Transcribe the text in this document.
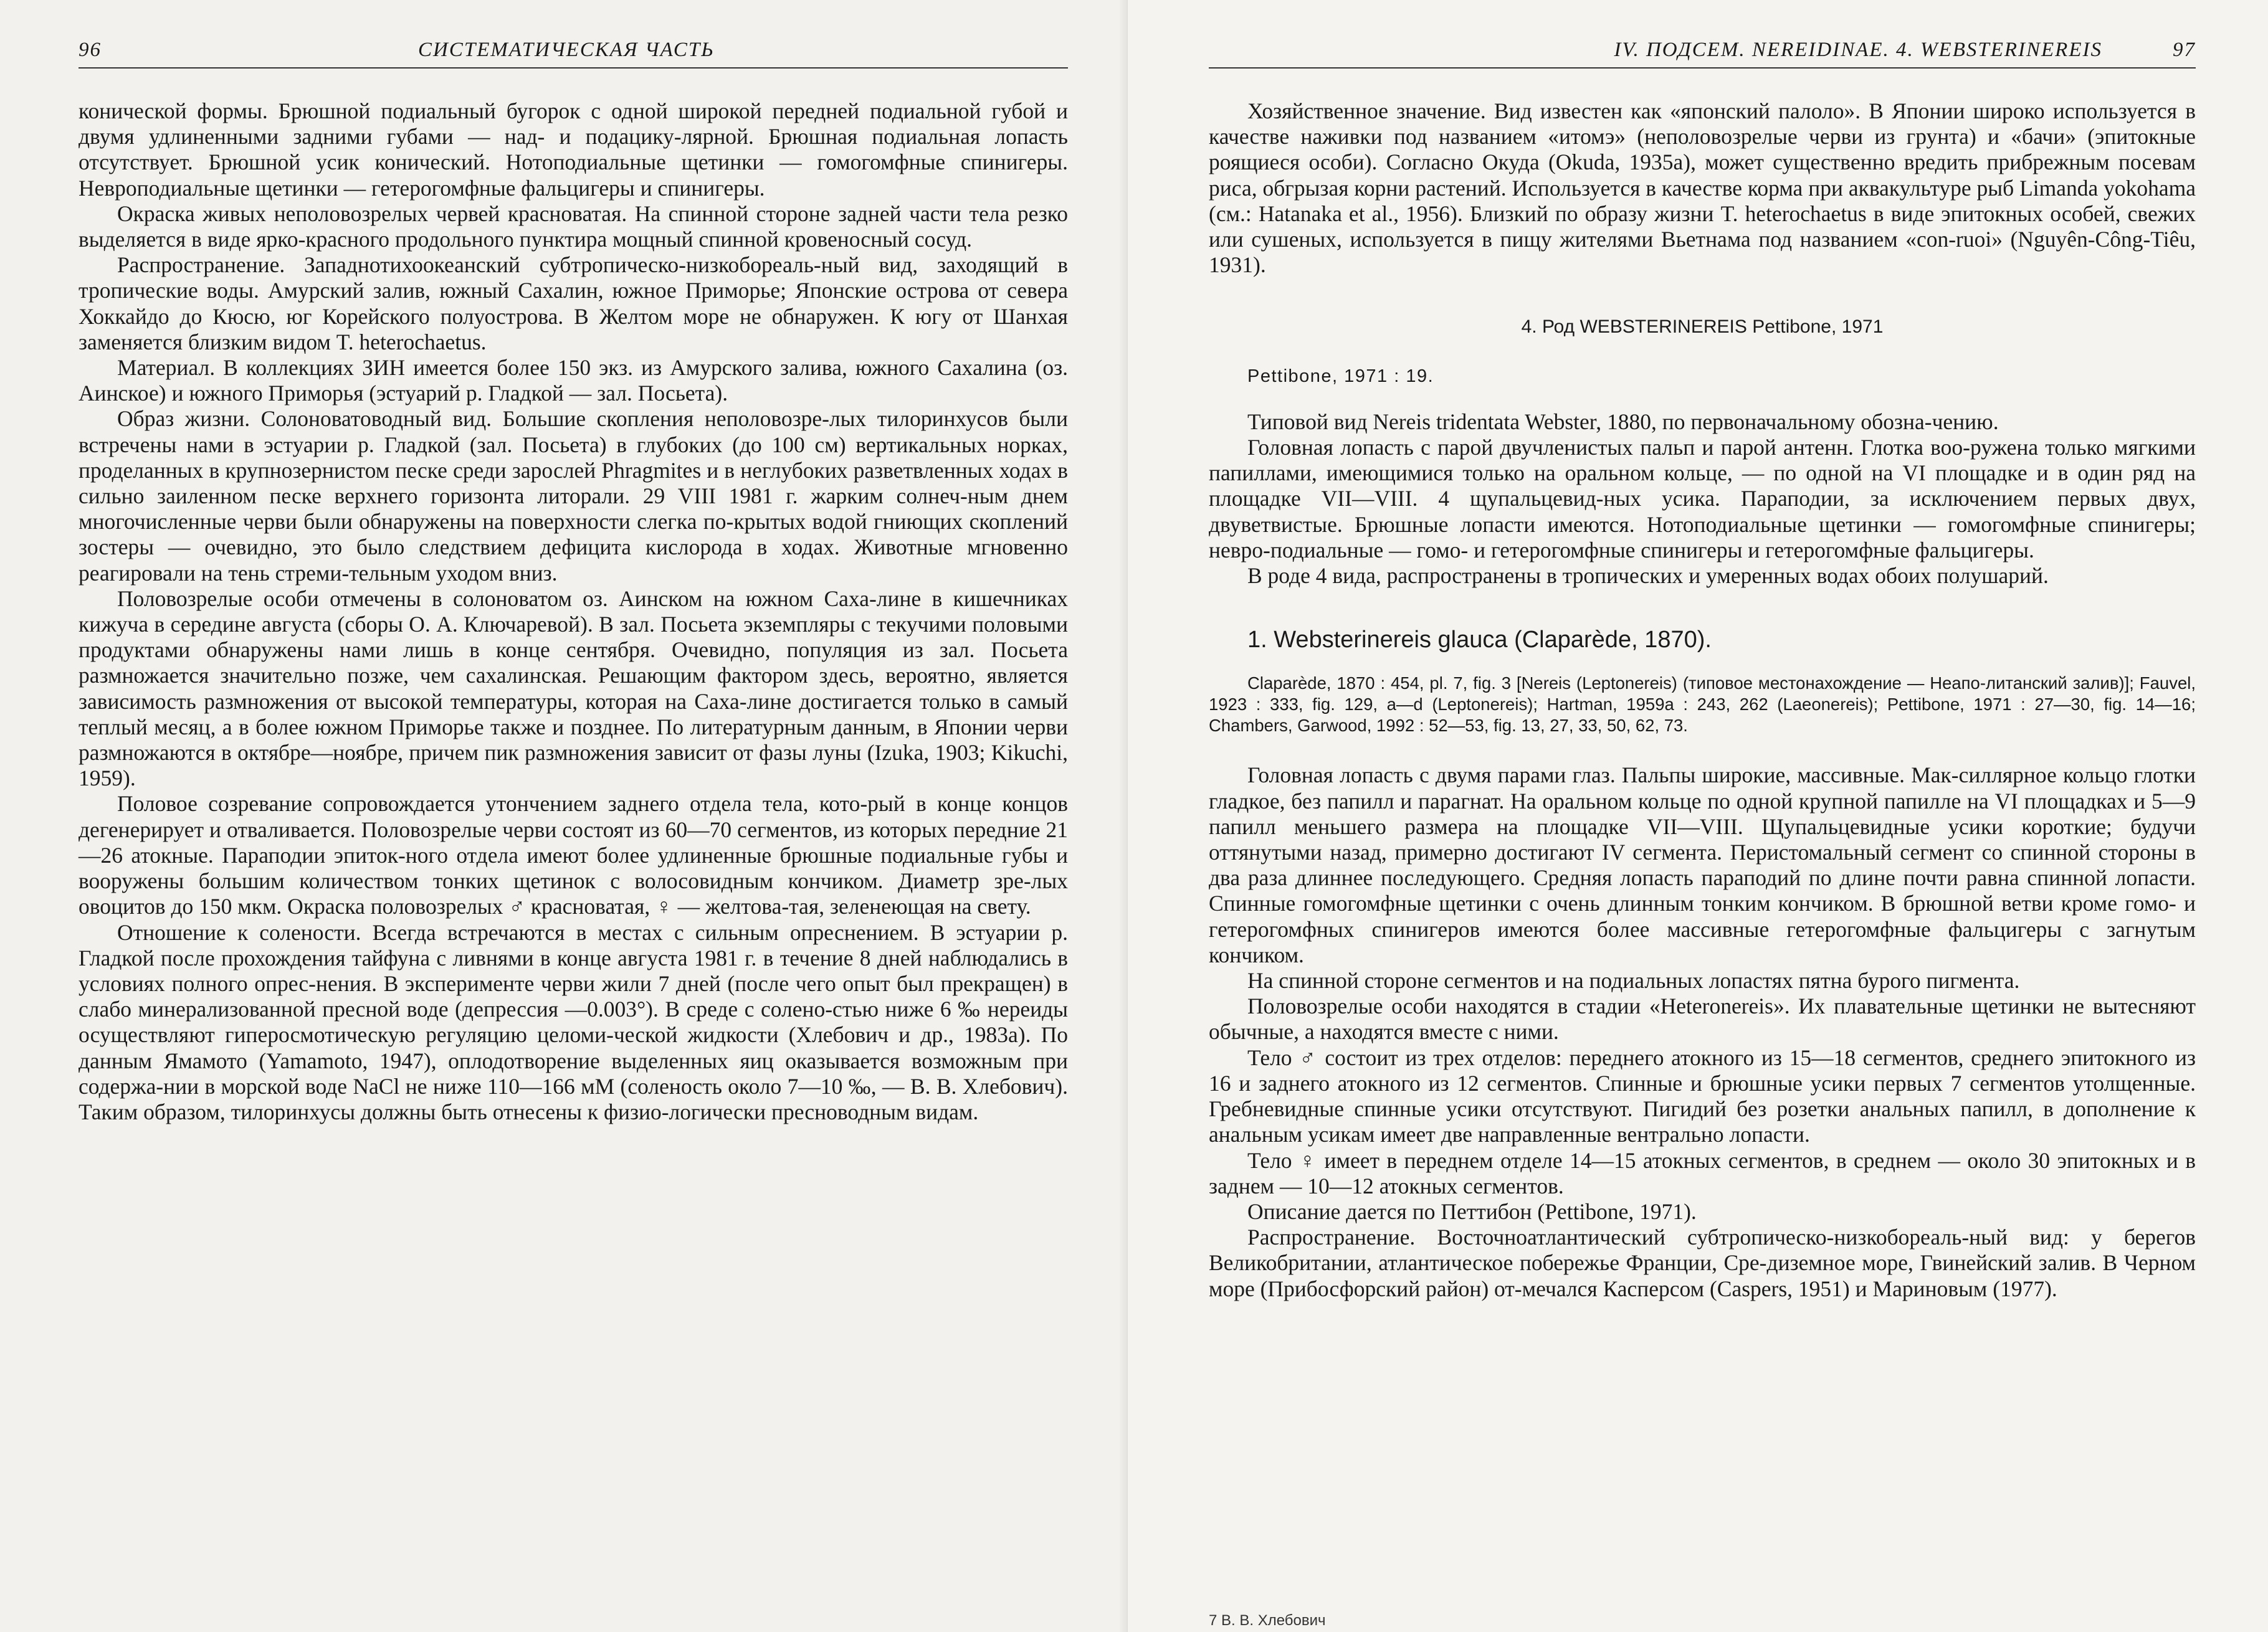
96	СИСТЕМАТИЧЕСКАЯ ЧАСТЬ

конической формы. Брюшной подиальный бугорок с одной широкой передней подиальной губой и двумя удлиненными задними губами — над- и подацику-лярной. Брюшная подиальная лопасть отсутствует. Брюшной усик конический. Нотоподиальные щетинки — гомогомфные спинигеры. Невроподиальные щетинки — гетерогомфные фальцигеры и спинигеры.

Окраска живых неполовозрелых червей красноватая. На спинной стороне задней части тела резко выделяется в виде ярко-красного продольного пунктира мощный спинной кровеносный сосуд.

Распространение. Западнотихоокеанский субтропическо-низкобореаль-ный вид, заходящий в тропические воды. Амурский залив, южный Сахалин, южное Приморье; Японские острова от севера Хоккайдо до Кюсю, юг Корейского полуострова. В Желтом море не обнаружен. К югу от Шанхая заменяется близким видом T. heterochaetus.

Материал. В коллекциях ЗИН имеется более 150 экз. из Амурского залива, южного Сахалина (оз. Аинское) и южного Приморья (эстуарий р. Гладкой — зал. Посьета).

Образ жизни. Солоноватоводный вид. Большие скопления неполовозре-лых тилоринхусов были встречены нами в эстуарии р. Гладкой (зал. Посьета) в глубоких (до 100 см) вертикальных норках, проделанных в крупнозернистом песке среди зарослей Phragmites и в неглубоких разветвленных ходах в сильно заиленном песке верхнего горизонта литорали. 29 VIII 1981 г. жарким солнеч-ным днем многочисленные черви были обнаружены на поверхности слегка по-крытых водой гниющих скоплений зостеры — очевидно, это было следствием дефицита кислорода в ходах. Животные мгновенно реагировали на тень стреми-тельным уходом вниз.

Половозрелые особи отмечены в солоноватом оз. Аинском на южном Саха-лине в кишечниках кижуча в середине августа (сборы О. А. Ключаревой). В зал. Посьета экземпляры с текучими половыми продуктами обнаружены нами лишь в конце сентября. Очевидно, популяция из зал. Посьета размножается значительно позже, чем сахалинская. Решающим фактором здесь, вероятно, является зависимость размножения от высокой температуры, которая на Саха-лине достигается только в самый теплый месяц, а в более южном Приморье также и позднее. По литературным данным, в Японии черви размножаются в октябре—ноябре, причем пик размножения зависит от фазы луны (Izuka, 1903; Kikuchi, 1959).

Половое созревание сопровождается утончением заднего отдела тела, кото-рый в конце концов дегенерирует и отваливается. Половозрелые черви состоят из 60—70 сегментов, из которых передние 21—26 атокные. Параподии эпиток-ного отдела имеют более удлиненные брюшные подиальные губы и вооружены большим количеством тонких щетинок с волосовидным кончиком. Диаметр зре-лых овоцитов до 150 мкм. Окраска половозрелых ♂ красноватая, ♀ — желтова-тая, зеленеющая на свету.

Отношение к солености. Всегда встречаются в местах с сильным опреснением. В эстуарии р. Гладкой после прохождения тайфуна с ливнями в конце августа 1981 г. в течение 8 дней наблюдались в условиях полного опрес-нения. В эксперименте черви жили 7 дней (после чего опыт был прекращен) в слабо минерализованной пресной воде (депрессия —0.003°). В среде с солено-стью ниже 6 ‰ нереиды осуществляют гиперосмотическую регуляцию целоми-ческой жидкости (Хлебович и др., 1983а). По данным Ямамото (Yamamoto, 1947), оплодотворение выделенных яиц оказывается возможным при содержа-нии в морской воде NaCl не ниже 110—166 мМ (соленость около 7—10 ‰, — В. В. Хлебович). Таким образом, тилоринхусы должны быть отнесены к физио-логически пресноводным видам.

IV. ПОДСЕМ. NEREIDINAE. 4. WEBSTERINEREIS	97

Хозяйственное значение. Вид известен как «японский палоло». В Японии широко используется в качестве наживки под названием «итомэ» (неполовозрелые черви из грунта) и «бачи» (эпитокные роящиеся особи). Согласно Окуда (Okuda, 1935a), может существенно вредить прибрежным посевам риса, обгрызая корни растений. Используется в качестве корма при аквакультуре рыб Limanda yokohama (см.: Hatanaka et al., 1956). Близкий по образу жизни T. heterochaetus в виде эпитокных особей, свежих или сушеных, используется в пищу жителями Вьетнама под названием «con-ruoi» (Nguyên-Công-Tiêu, 1931).

4. Род WEBSTERINEREIS Pettibone, 1971

Pettibone, 1971 : 19.

Типовой вид Nereis tridentata Webster, 1880, по первоначальному обозна-чению.

Головная лопасть с парой двучленистых пальп и парой антенн. Глотка воо-ружена только мягкими папиллами, имеющимися только на оральном кольце, — по одной на VI площадке и в один ряд на площадке VII—VIII. 4 щупальцевид-ных усика. Параподии, за исключением первых двух, двуветвистые. Брюшные лопасти имеются. Нотоподиальные щетинки — гомогомфные спинигеры; невро-подиальные — гомо- и гетерогомфные спинигеры и гетерогомфные фальцигеры.

В роде 4 вида, распространены в тропических и умеренных водах обоих полушарий.

1. Websterinereis glauca (Claparède, 1870).

Claparède, 1870 : 454, pl. 7, fig. 3 [Nereis (Leptonereis) (типовое местонахождение — Неапо-литанский залив)]; Fauvel, 1923 : 333, fig. 129, a—d (Leptonereis); Hartman, 1959a : 243, 262 (Laeonereis); Pettibone, 1971 : 27—30, fig. 14—16; Chambers, Garwood, 1992 : 52—53, fig. 13, 27, 33, 50, 62, 73.

Головная лопасть с двумя парами глаз. Пальпы широкие, массивные. Мак-силлярное кольцо глотки гладкое, без папилл и парагнат. На оральном кольце по одной крупной папилле на VI площадках и 5—9 папилл меньшего размера на площадке VII—VIII. Щупальцевидные усики короткие; будучи оттянутыми назад, примерно достигают IV сегмента. Перистомальный сегмент со спинной стороны в два раза длиннее последующего. Средняя лопасть параподий по длине почти равна спинной лопасти. Спинные гомогомфные щетинки с очень длинным тонким кончиком. В брюшной ветви кроме гомо- и гетерогомфных спинигеров имеются более массивные гетерогомфные фальцигеры с загнутым кончиком.

На спинной стороне сегментов и на подиальных лопастях пятна бурого пигмента.

Половозрелые особи находятся в стадии «Heteronereis». Их плавательные щетинки не вытесняют обычные, а находятся вместе с ними.

Тело ♂ состоит из трех отделов: переднего атокного из 15—18 сегментов, среднего эпитокного из 16 и заднего атокного из 12 сегментов. Спинные и брюшные усики первых 7 сегментов утолщенные. Гребневидные спинные усики отсутствуют. Пигидий без розетки анальных папилл, в дополнение к анальным усикам имеет две направленные вентрально лопасти.

Тело ♀ имеет в переднем отделе 14—15 атокных сегментов, в среднем — около 30 эпитокных и в заднем — 10—12 атокных сегментов.

Описание дается по Петтибон (Pettibone, 1971).

Распространение. Восточноатлантический субтропическо-низкобореаль-ный вид: у берегов Великобритании, атлантическое побережье Франции, Сре-диземное море, Гвинейский залив. В Черном море (Прибосфорский район) от-мечался Касперсом (Caspers, 1951) и Мариновым (1977).

7 В. В. Хлебович
